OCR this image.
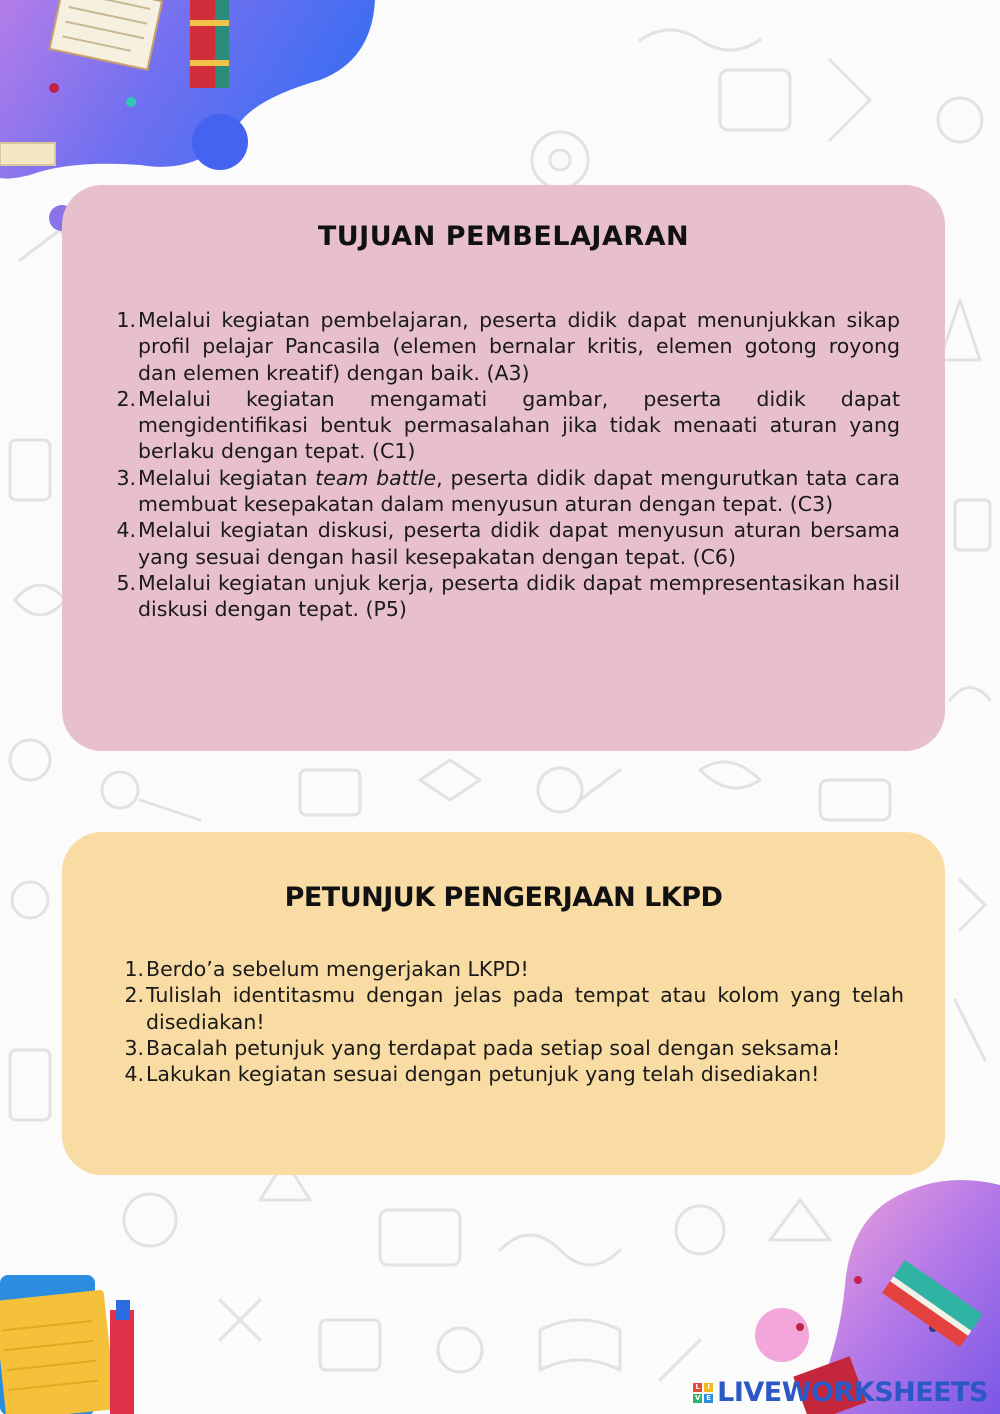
TUJUAN PEMBELAJARAN
1. Melalui kegiatan pembelajaran, peserta didik dapat menunjukkan sikap profil pelajar Pancasila (elemen bernalar kritis, elemen gotong royong dan elemen kreatif) dengan baik. (A3)
2. Melalui kegiatan mengamati gambar, peserta didik dapat mengidentifikasi bentuk permasalahan jika tidak menaati aturan yang berlaku dengan tepat. (C1)
3. Melalui kegiatan team battle, peserta didik dapat mengurutkan tata cara membuat kesepakatan dalam menyusun aturan dengan tepat. (C3)
4. Melalui kegiatan diskusi, peserta didik dapat menyusun aturan bersama yang sesuai dengan hasil kesepakatan dengan tepat. (C6)
5. Melalui kegiatan unjuk kerja, peserta didik dapat mempresentasikan hasil diskusi dengan tepat. (P5)
PETUNJUK PENGERJAAN LKPD
1. Berdo’a sebelum mengerjakan LKPD!
2. Tulislah identitasmu dengan jelas pada tempat atau kolom yang telah disediakan!
3. Bacalah petunjuk yang terdapat pada setiap soal dengan seksama!
4. Lakukan kegiatan sesuai dengan petunjuk yang telah disediakan!
L	I
V E LIVEWORKSHEETS
